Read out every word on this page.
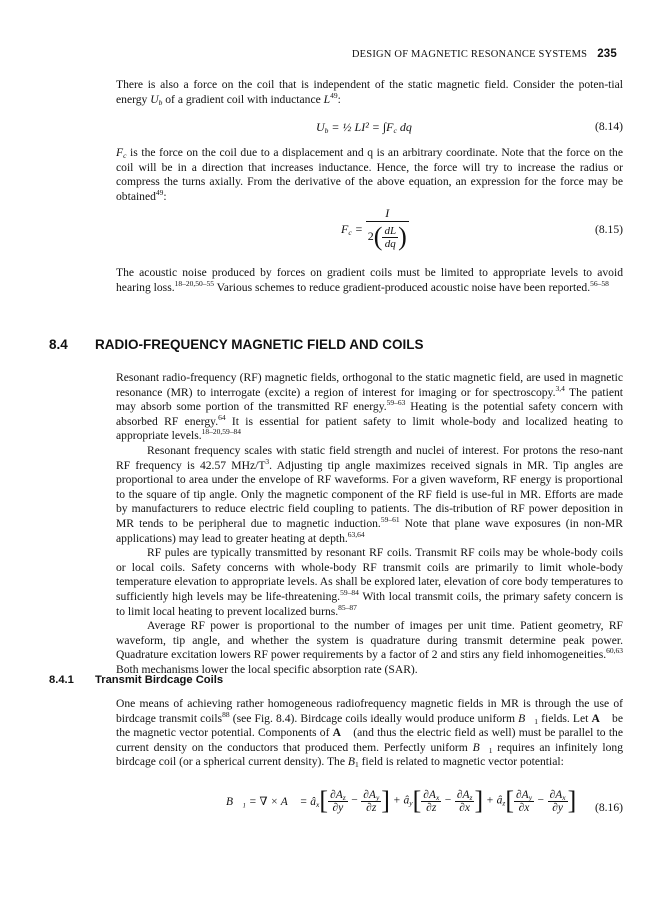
DESIGN OF MAGNETIC RESONANCE SYSTEMS 235

There is also a force on the coil that is independent of the static magnetic field. Consider the poten-tial energy $U_b$ of a gradient coil with inductance $L^{49}$:

$U_b$ = ½ $LI^2 = \int F_c$ dq	(8.14)

$F_c$ is the force on the coil due to a displacement and q is an arbitrary coordinate. Note that the force on the coil will be in a direction that increases inductance. Hence, the force will try to increase the radius or compress the turns axially. From the derivative of the above equation, an expression for the force may be obtained$^{49}$:

$F_c = \frac{I}{2( \frac{dL}{dq} )}$	(8.15)

The acoustic noise produced by forces on gradient coils must be limited to appropriate levels to avoid hearing loss.$^{18-20,50-55}$ Various schemes to reduce gradient-produced acoustic noise have been reported.$^{56-58}$

8.4 RADIO-FREQUENCY MAGNETIC FIELD AND COILS

Resonant radio-frequency (RF) magnetic fields, orthogonal to the static magnetic field, are used in magnetic resonance (MR) to interrogate (excite) a region of interest for imaging or for spectroscopy.$^{3,4}$ The patient may absorb some portion of the transmitted RF energy.$^{59-63}$ Heating is the potential safety concern with absorbed RF energy.$^{64}$ It is essential for patient safety to limit whole-body and localized heating to appropriate levels.$^{18-20,59-84}$

Resonant frequency scales with static field strength and nuclei of interest. For protons the reso-nant RF frequency is 42.57 MHz/$T^3$. Adjusting tip angle maximizes received signals in MR. Tip angles are proportional to area under the envelope of RF waveforms. For a given waveform, RF energy is proportional to the square of tip angle. Only the magnetic component of the RF field is use-ful in MR. Efforts are made by manufacturers to reduce electric field coupling to patients. The dis-tribution of RF power deposition in MR tends to be peripheral due to magnetic induction.$^{59-61}$ Note that plane wave exposures (in non-MR applications) may lead to greater heating at depth.$^{63,64}$

RF pules are typically transmitted by resonant RF coils. Transmit RF coils may be whole-body coils or local coils. Safety concerns with whole-body RF transmit coils are primarily to limit whole-body temperature elevation to appropriate levels. As shall be explored later, elevation of core body temperatures to sufficiently high levels may be life-threatening.$^{59-84}$ With local transmit coils, the primary safety concern is to limit local heating to prevent localized burns.$^{85-87}$

Average RF power is proportional to the number of images per unit time. Patient geometry, RF waveform, tip angle, and whether the system is quadrature during transmit determine peak power. Quadrature excitation lowers RF power requirements by a factor of 2 and stirs any field inhomogeneities.$^{60,63}$ Both mechanisms lower the local specific absorption rate (SAR).

8.4.1 Transmit Birdcage Coils

One means of achieving rather homogeneous radiofrequency magnetic fields in MR is through the use of birdcage transmit coils$^{88}$ (see Fig. 8.4). Birdcage coils ideally would produce uniform $B⃗_1$ fields. Let A⃗ be the magnetic vector potential. Components of A⃗ (and thus the electric field as well) must be parallel to the current density on the conductors that produced them. Perfectly uniform $B⃗_1$ requires an infinitely long birdcage coil (or a spherical current density). The $B_1$ field is related to magnetic vector potential:

B⃗₁ = ∇ × A⃗ = $â_x[ \frac{\partial A_z}{\partial y} - \frac{\partial A_y}{\partial z}$ ] + $â_y[ \frac{\partial A_x}{\partial z} - \frac{\partial A_z}{\partial x}$ ] + $â_z[ \frac{\partial A_y}{\partial x} - \frac{\partial A_x}{\partial y}$ ] (8.16)
